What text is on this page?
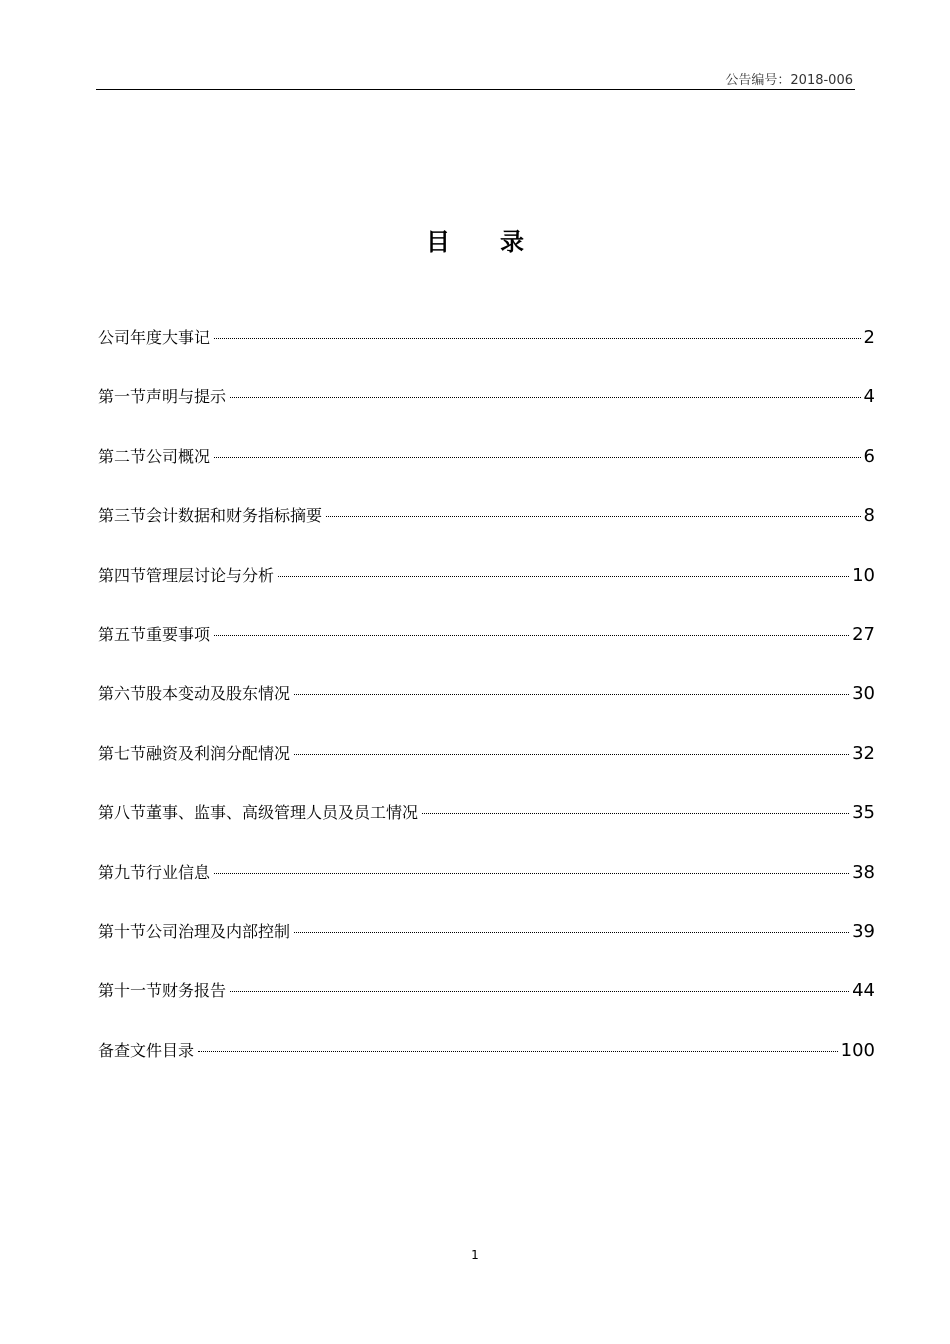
公告编号：2018-006
目录
公司年度大事记	2
第一节声明与提示	4
第二节公司概况	6
第三节会计数据和财务指标摘要	8
第四节管理层讨论与分析	10
第五节重要事项	27
第六节股本变动及股东情况	30
第七节融资及利润分配情况	32
第八节董事、监事、高级管理人员及员工情况	35
第九节行业信息	38
第十节公司治理及内部控制	39
第十一节财务报告	44
备查文件目录	100
1
